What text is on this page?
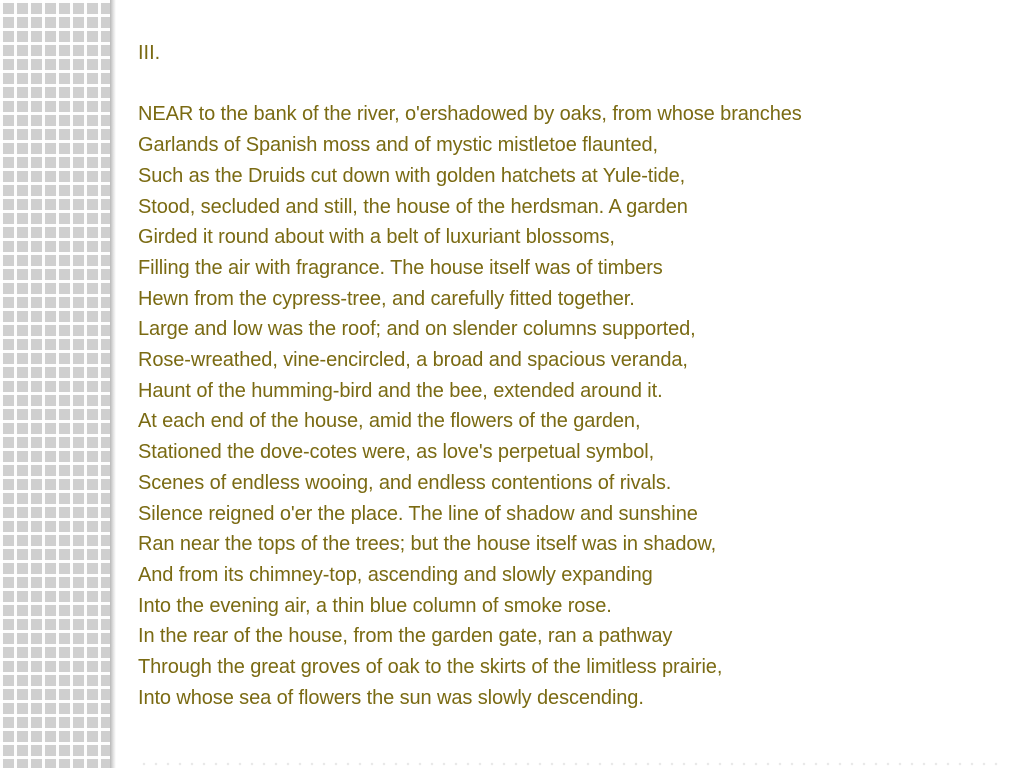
III.
NEAR to the bank of the river, o'ershadowed by oaks, from whose branches
Garlands of Spanish moss and of mystic mistletoe flaunted,
Such as the Druids cut down with golden hatchets at Yule-tide,
Stood, secluded and still, the house of the herdsman. A garden
Girded it round about with a belt of luxuriant blossoms,
Filling the air with fragrance. The house itself was of timbers
Hewn from the cypress-tree, and carefully fitted together.
Large and low was the roof; and on slender columns supported,
Rose-wreathed, vine-encircled, a broad and spacious veranda,
Haunt of the humming-bird and the bee, extended around it.
At each end of the house, amid the flowers of the garden,
Stationed the dove-cotes were, as love's perpetual symbol,
Scenes of endless wooing, and endless contentions of rivals.
Silence reigned o'er the place. The line of shadow and sunshine
Ran near the tops of the trees; but the house itself was in shadow,
And from its chimney-top, ascending and slowly expanding
Into the evening air, a thin blue column of smoke rose.
In the rear of the house, from the garden gate, ran a pathway
Through the great groves of oak to the skirts of the limitless prairie,
Into whose sea of flowers the sun was slowly descending.
